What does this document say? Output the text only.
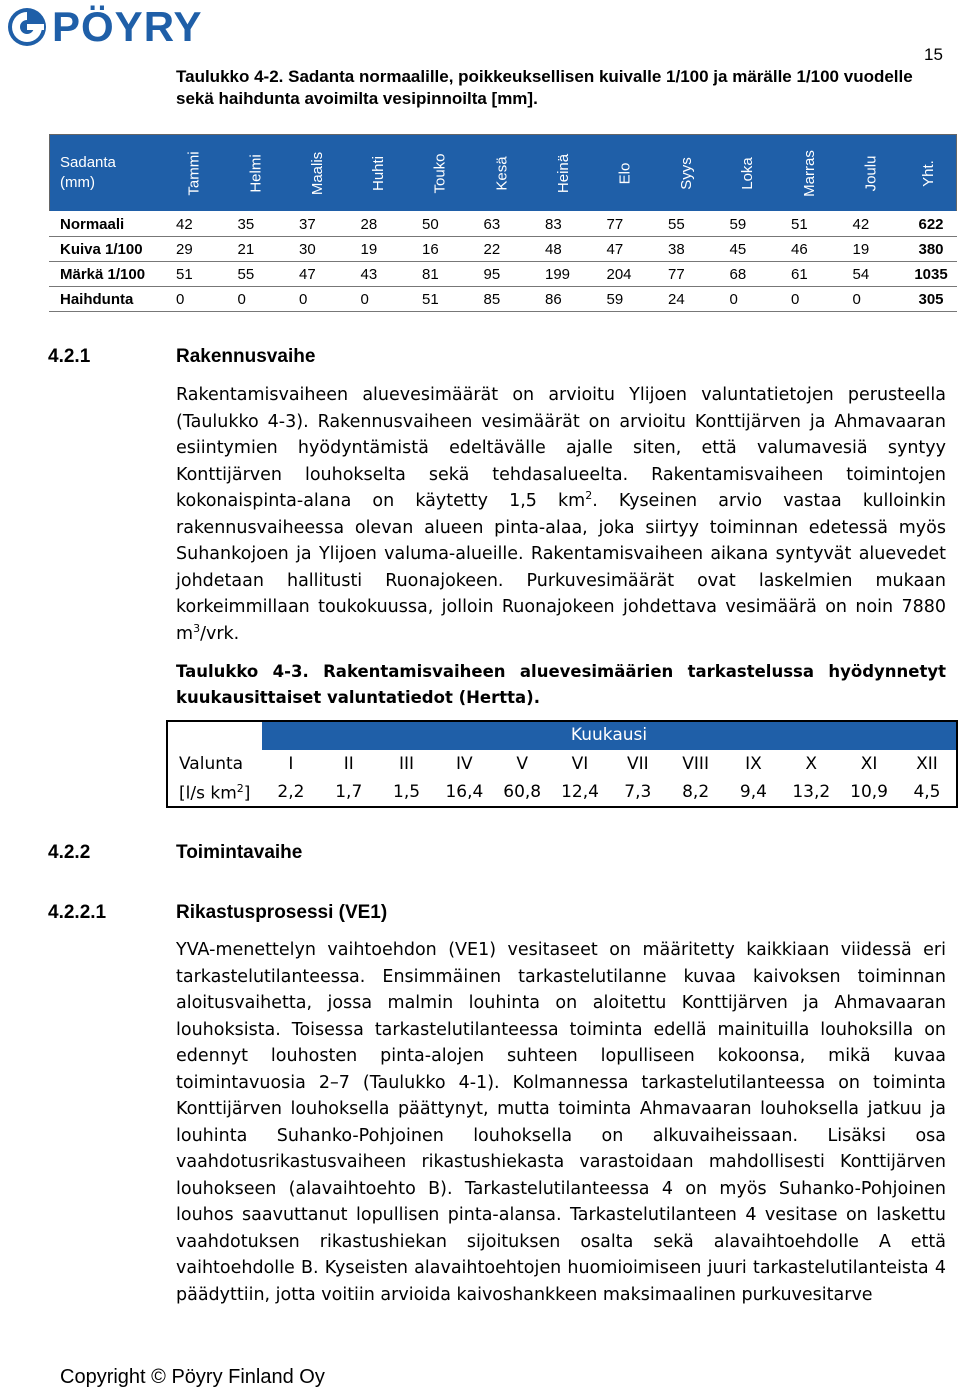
PÖYRY
15
Taulukko 4-2. Sadanta normaalille, poikkeuksellisen kuivalle 1/100 ja märälle 1/100 vuodelle
sekä haihdunta avoimilta vesipinnoilta [mm].
Sadanta
(mm)	Tammi	Helmi	Maalis	Huhti	Touko	Kesä	Heinä	Elo	Syys	Loka	Marras	Joulu	Yht.
Normaali	42	35	37	28	50	63	83	77	55	59	51	42	622
Kuiva 1/100	29	21	30	19	16	22	48	47	38	45	46	19	380
Märkä 1/100	51	55	47	43	81	95	199	204	77	68	61	54	1035
Haihdunta	0	0	0	0	51	85	86	59	24	0	0	0	305
4.2.1	Rakennusvaihe
Rakentamisvaiheen aluevesimäärät on arvioitu Ylijoen valuntatietojen perusteella (Taulukko 4-3). Rakennusvaiheen vesimäärät on arvioitu Konttijärven ja Ahmavaaran esiintymien hyödyntämistä edeltävälle ajalle siten, että valumavesiä syntyy Konttijärven louhokselta sekä tehdasalueelta. Rakentamisvaiheen toimintojen kokonaispinta-alana on käytetty 1,5 $km^2$. Kyseinen arvio vastaa kulloinkin rakennusvaiheessa olevan alueen pinta-alaa, joka siirtyy toiminnan edetessä myös Suhankojoen ja Ylijoen valuma-alueille. Rakentamisvaiheen aikana syntyvät aluevedet johdetaan hallitusti Ruonajokeen. Purkuvesimäärät ovat laskelmien mukaan korkeimmillaan toukokuussa, jolloin Ruonajokeen johdettava vesimäärä on noin 7880 $m^3$/vrk.
Taulukko 4-3. Rakentamisvaiheen aluevesimäärien tarkastelussa hyödynnetyt
kuukausittaiset valuntatiedot (Hertta).
	Kuukausi											
Valunta	I	II	III	IV	V	VI	VII	VIII	IX	X	XI	XII
[l/s $km^2$]	2,2	1,7	1,5	16,4	60,8	12,4	7,3	8,2	9,4	13,2	10,9	4,5
4.2.2	Toimintavaihe
4.2.2.1	Rikastusprosessi (VE1)
YVA-menettelyn vaihtoehdon (VE1) vesitaseet on määritetty kaikkiaan viidessä eri tarkastelutilanteessa. Ensimmäinen tarkastelutilanne kuvaa kaivoksen toiminnan aloitusvaihetta, jossa malmin louhinta on aloitettu Konttijärven ja Ahmavaaran louhoksista. Toisessa tarkastelutilanteessa toiminta edellä mainituilla louhoksilla on edennyt louhosten pinta-alojen suhteen lopulliseen kokoonsa, mikä kuvaa toimintavuosia 2–7 (Taulukko 4-1). Kolmannessa tarkastelutilanteessa on toiminta Konttijärven louhoksella päättynyt, mutta toiminta Ahmavaaran louhoksella jatkuu ja louhinta Suhanko-Pohjoinen louhoksella on alkuvaiheissaan. Lisäksi osa vaahdotusrikastusvaiheen rikastushiekasta varastoidaan mahdollisesti Konttijärven louhokseen (alavaihtoehto B). Tarkastelutilanteessa 4 on myös Suhanko-Pohjoinen louhos saavuttanut lopullisen pinta-alansa. Tarkastelutilanteen 4 vesitase on laskettu vaahdotuksen rikastushiekan sijoituksen osalta sekä alavaihtoehdolle A että vaihtoehdolle B. Kyseisten alavaihtoehtojen huomioimiseen juuri tarkastelutilanteista 4 päädyttiin, jotta voitiin arvioida kaivoshankkeen maksimaalinen purkuvesitarve
Copyright © Pöyry Finland Oy
